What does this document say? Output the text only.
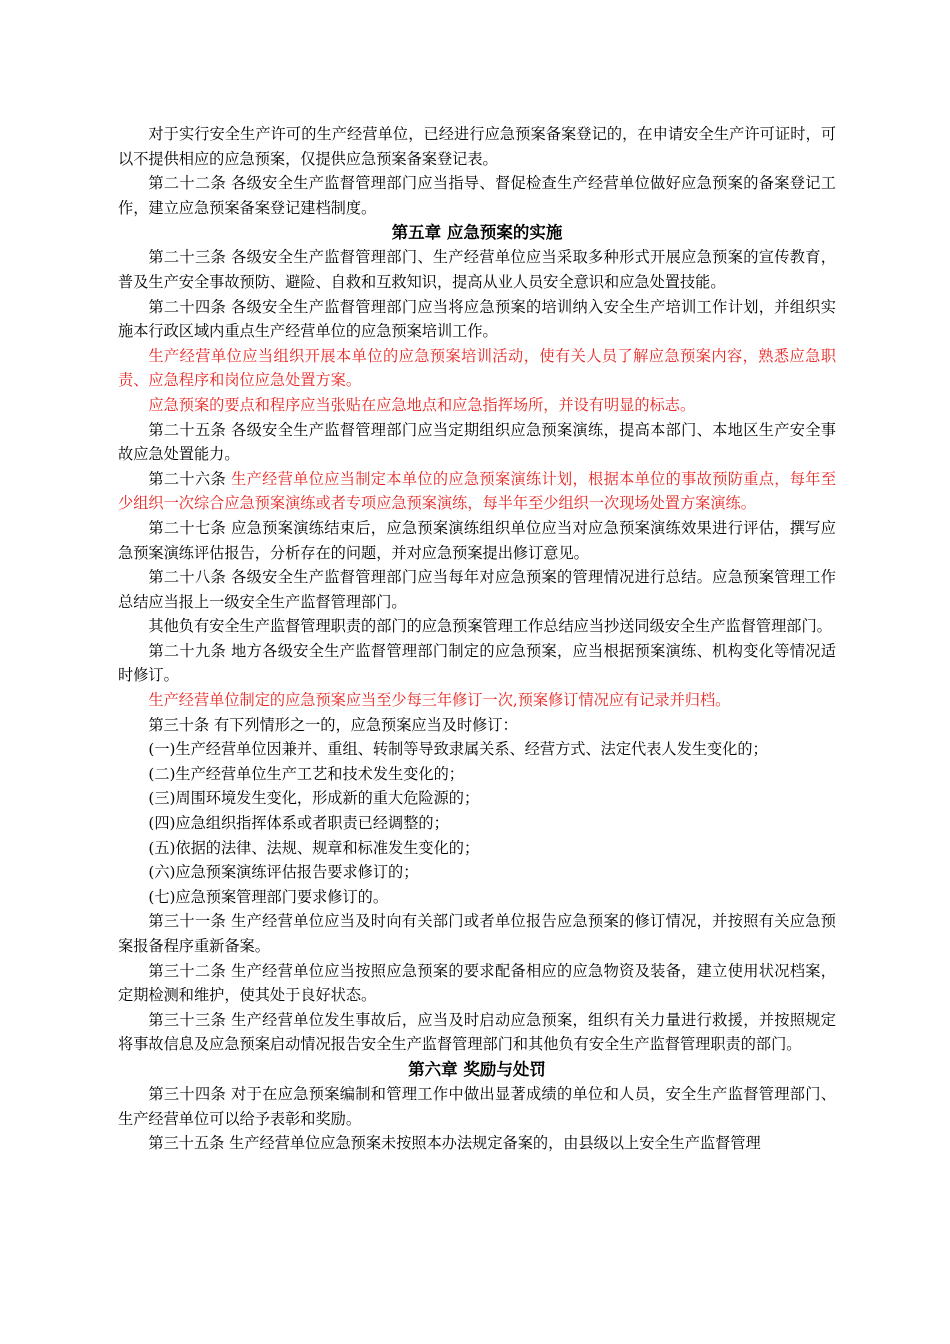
对于实行安全生产许可的生产经营单位，已经进行应急预案备案登记的，在申请安全生产许可证时，可以不提供相应的应急预案，仅提供应急预案备案登记表。

第二十二条 各级安全生产监督管理部门应当指导、督促检查生产经营单位做好应急预案的备案登记工作，建立应急预案备案登记建档制度。

第五章 应急预案的实施

第二十三条 各级安全生产监督管理部门、生产经营单位应当采取多种形式开展应急预案的宣传教育，普及生产安全事故预防、避险、自救和互救知识，提高从业人员安全意识和应急处置技能。

第二十四条 各级安全生产监督管理部门应当将应急预案的培训纳入安全生产培训工作计划，并组织实施本行政区域内重点生产经营单位的应急预案培训工作。

生产经营单位应当组织开展本单位的应急预案培训活动，使有关人员了解应急预案内容，熟悉应急职责、应急程序和岗位应急处置方案。

应急预案的要点和程序应当张贴在应急地点和应急指挥场所，并设有明显的标志。

第二十五条 各级安全生产监督管理部门应当定期组织应急预案演练，提高本部门、本地区生产安全事故应急处置能力。

第二十六条 生产经营单位应当制定本单位的应急预案演练计划，根据本单位的事故预防重点，每年至少组织一次综合应急预案演练或者专项应急预案演练，每半年至少组织一次现场处置方案演练。

第二十七条 应急预案演练结束后，应急预案演练组织单位应当对应急预案演练效果进行评估，撰写应急预案演练评估报告，分析存在的问题，并对应急预案提出修订意见。

第二十八条 各级安全生产监督管理部门应当每年对应急预案的管理情况进行总结。应急预案管理工作总结应当报上一级安全生产监督管理部门。

其他负有安全生产监督管理职责的部门的应急预案管理工作总结应当抄送同级安全生产监督管理部门。

第二十九条 地方各级安全生产监督管理部门制定的应急预案，应当根据预案演练、机构变化等情况适时修订。

生产经营单位制定的应急预案应当至少每三年修订一次,预案修订情况应有记录并归档。

第三十条 有下列情形之一的，应急预案应当及时修订：

(一)生产经营单位因兼并、重组、转制等导致隶属关系、经营方式、法定代表人发生变化的；

(二)生产经营单位生产工艺和技术发生变化的；

(三)周围环境发生变化，形成新的重大危险源的；

(四)应急组织指挥体系或者职责已经调整的；

(五)依据的法律、法规、规章和标准发生变化的；

(六)应急预案演练评估报告要求修订的；

(七)应急预案管理部门要求修订的。

第三十一条 生产经营单位应当及时向有关部门或者单位报告应急预案的修订情况，并按照有关应急预案报备程序重新备案。

第三十二条 生产经营单位应当按照应急预案的要求配备相应的应急物资及装备，建立使用状况档案，定期检测和维护，使其处于良好状态。

第三十三条 生产经营单位发生事故后，应当及时启动应急预案，组织有关力量进行救援，并按照规定将事故信息及应急预案启动情况报告安全生产监督管理部门和其他负有安全生产监督管理职责的部门。

第六章 奖励与处罚

第三十四条 对于在应急预案编制和管理工作中做出显著成绩的单位和人员，安全生产监督管理部门、生产经营单位可以给予表彰和奖励。

第三十五条 生产经营单位应急预案未按照本办法规定备案的，由县级以上安全生产监督管理
